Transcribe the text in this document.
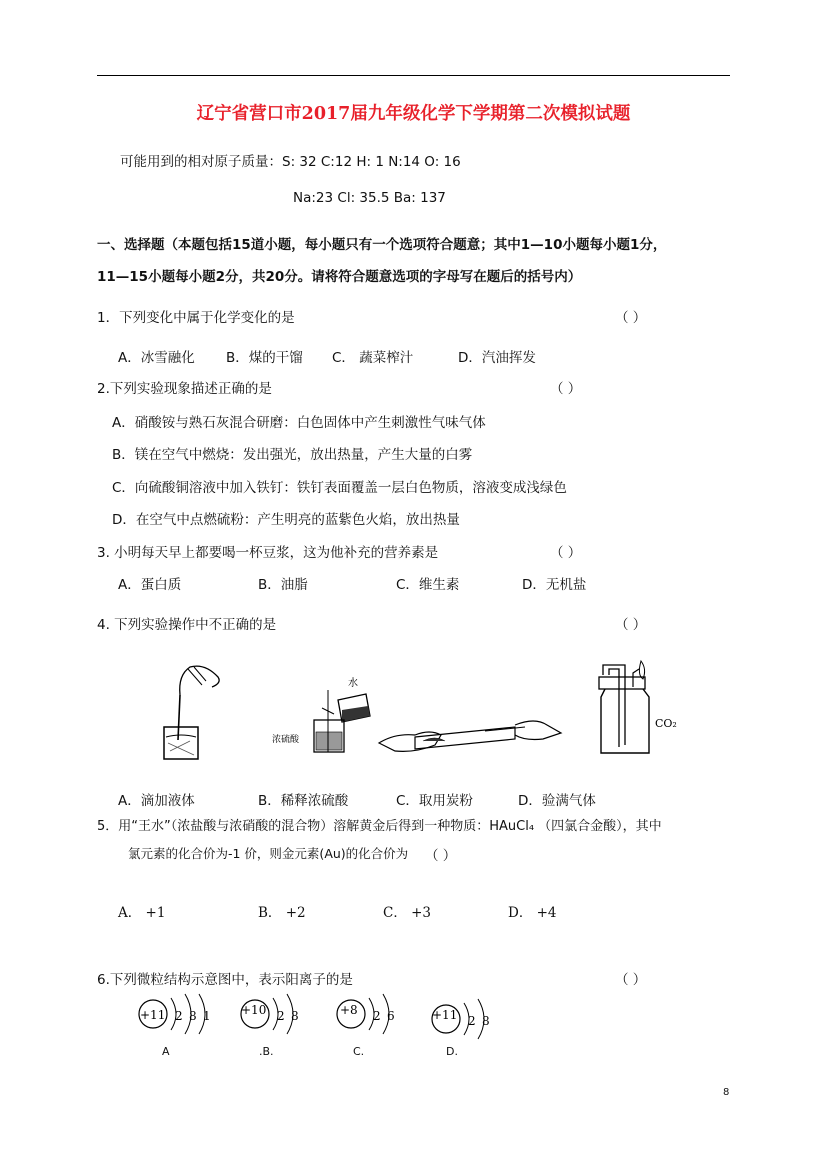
辽宁省营口市2017届九年级化学下学期第二次模拟试题
可能用到的相对原子质量：S: 32 C:12 H: 1 N:14 O: 16
Na:23 Cl: 35.5 Ba: 137
一、选择题（本题包括15道小题，每小题只有一个选项符合题意；其中1—10小题每小题1分，
11—15小题每小题2分，共20分。请将符合题意选项的字母写在题后的括号内）
1．下列变化中属于化学变化的是	（ ）
A．冰雪融化 B．煤的干馏 C． 蔬菜榨汁	D．汽油挥发
2.下列实验现象描述正确的是	（ ）
A．硝酸铵与熟石灰混合研磨：白色固体中产生刺激性气味气体
B．镁在空气中燃烧：发出强光，放出热量，产生大量的白雾
C．向硫酸铜溶液中加入铁钉：铁钉表面覆盖一层白色物质，溶液变成浅绿色
D．在空气中点燃硫粉：产生明亮的蓝紫色火焰，放出热量
3. 小明每天早上都要喝一杯豆浆，这为他补充的营养素是	（ ）
A．蛋白质	B．油脂	C．维生素	D．无机盐
4. 下列实验操作中不正确的是	（ ）
水
浓硫酸
CO₂
A．滴加液体	B．稀释浓硫酸	C．取用炭粉	D．验满气体
5．用“王水”（浓盐酸与浓硝酸的混合物）溶解黄金后得到一种物质：HAuCl₄ （四氯合金酸），其中
氯元素的化合价为-1 价，则金元素(Au)的化合价为 （ ）
A． +1	B． +2	C． +3	D． +4
6.下列微粒结构示意图中，表示阳离子的是	（ ）
+11 2 8 1	+10 2 8	+8 2 6	+11 2 8
A	.B.	C.	D.
8
